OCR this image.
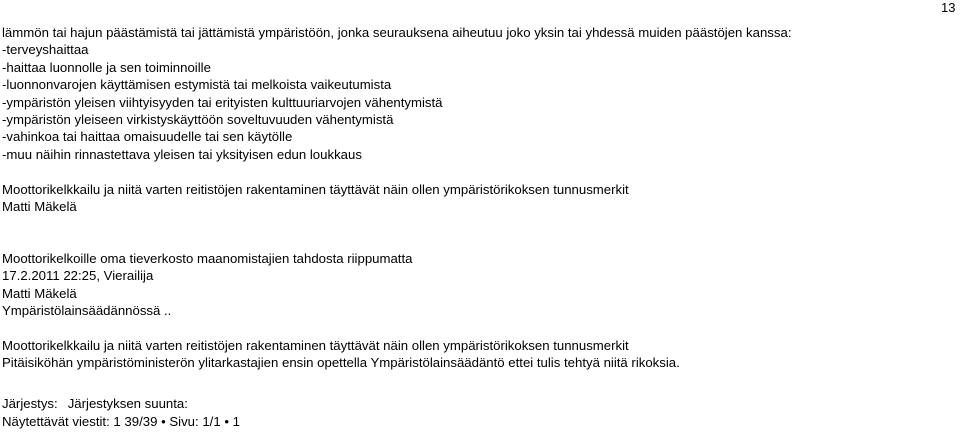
13
lämmön tai hajun päästämistä tai jättämistä ympäristöön, jonka seurauksena aiheutuu joko yksin tai yhdessä muiden päästöjen kanssa:
-terveyshaittaa
-haittaa luonnolle ja sen toiminnoille
-luonnonvarojen käyttämisen estymistä tai melkoista vaikeutumista
-ympäristön yleisen viihtyisyyden tai erityisten kulttuuriarvojen vähentymistä
-ympäristön yleiseen virkistyskäyttöön soveltuvuuden vähentymistä
-vahinkoa tai haittaa omaisuudelle tai sen käytölle
-muu näihin rinnastettava yleisen tai yksityisen edun loukkaus
Moottorikelkkailu ja niitä varten reitistöjen rakentaminen täyttävät näin ollen ympäristörikoksen tunnusmerkit
Matti Mäkelä
Moottorikelkoille oma tieverkosto maanomistajien tahdosta riippumatta
17.2.2011 22:25, Vierailija
Matti Mäkelä
Ympäristölainsäädännössä ..
Moottorikelkkailu ja niitä varten reitistöjen rakentaminen täyttävät näin ollen ympäristörikoksen tunnusmerkit
Pitäisiköhän ympäristöministerön ylitarkastajien ensin opettella Ympäristölainsäädäntö ettei tulis tehtyä niitä rikoksia.
Järjestys: Järjestyksen suunta:
Näytettävät viestit: 1 39/39 • Sivu: 1/1 • 1
